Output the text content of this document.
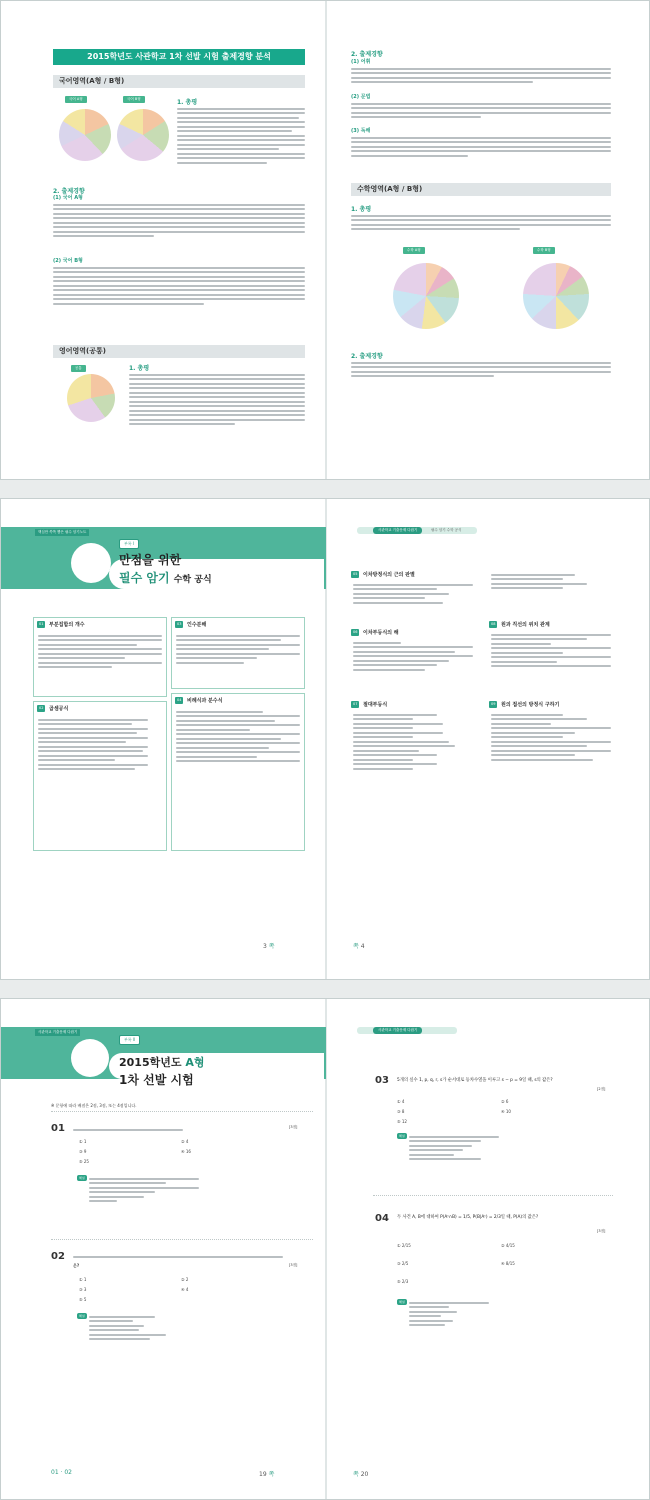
2015학년도 사관학교 1차 선발 시험 출제경향 분석
국어영역(A형 / B형)
국어 A형	국어 B형	1. 총평
2. 출제경향
(1) 국어 A형
(2) 국어 B형
영어영역(공통)
공통	1. 총평
2. 출제경향
(1) 어휘
(2) 문법
(3) 독해
수학영역(A형 / B형)
1. 총평
수학 A형	수학 B형
2. 출제경향
핵심만 쏙쏙 뽑은 필수 암기노트
부록 Ⅰ
만점을 위한
필수 암기 수학 공식
01	부분집합의 개수
02	곱셈공식
03	인수분해
04	비례식과 분수식
3 쪽
사관학교 기출문제 다잡기	필수 암기 수학 공식
05	이차방정식의 근의 판별
06	이차부등식의 해
07	절대부등식
08	원과 직선의 위치 관계
09	원의 접선의 방정식 구하기
쪽 4
사관학교 기출문제 다잡기
부록 Ⅱ
2015학년도 A형
1차 선발 시험
※ 문항에 따라 배점은 2점, 3점, 또는 4점입니다.
01	[3점]
① 1	② 4
③ 9	④ 16
⑤ 25
해설
02
은?	[3점]
① 1	② 2
③ 3	④ 4
⑤ 5
해설
01 · 02	19 쪽
사관학교 기출문제 다잡기
03 5개의 실수 1, p, q, r, s가 순서대로 등차수열을 이루고 s − p = 9일 때, s의 값은?
[2점]
① 4	② 6
③ 8	④ 10
⑤ 12
해설
04 두 사건 A, B에 대하여 P(Aᶜ∩B) = 1/5, P(B|Aᶜ) = 2/3일 때, P(A)의 값은?
[3점]
① 2/15	② 4/15
③ 2/5	④ 8/15
⑤ 2/3
해설
쪽 20
